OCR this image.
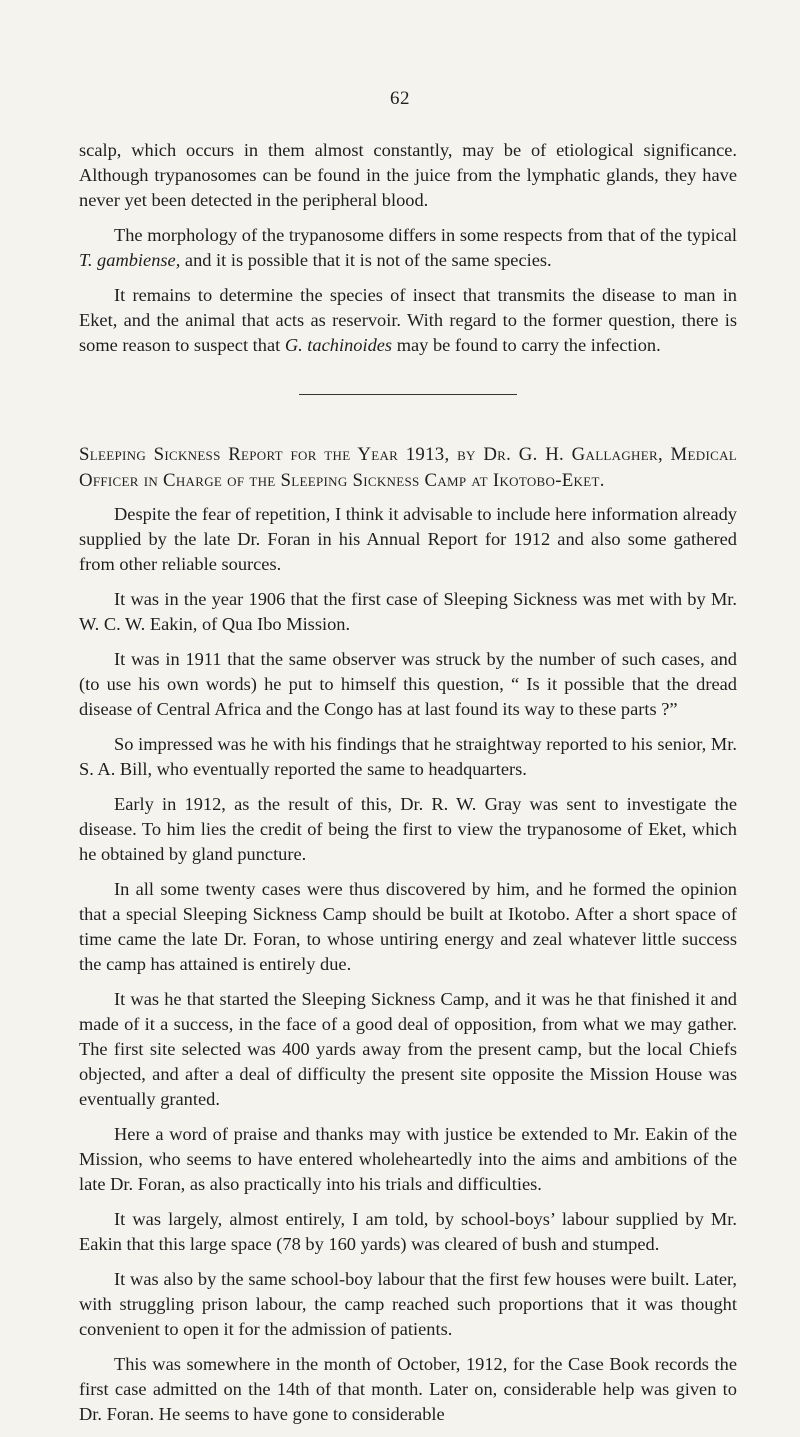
62

scalp, which occurs in them almost constantly, may be of etiological significance. Although trypanosomes can be found in the juice from the lymphatic glands, they have never yet been detected in the peripheral blood.

The morphology of the trypanosome differs in some respects from that of the typical T. gambiense, and it is possible that it is not of the same species.

It remains to determine the species of insect that transmits the disease to man in Eket, and the animal that acts as reservoir. With regard to the former question, there is some reason to suspect that G. tachinoides may be found to carry the infection.

Sleeping Sickness Report for the Year 1913, by Dr. G. H. Gallagher, Medical Officer in Charge of the Sleeping Sickness Camp at Ikotobo-Eket.

Despite the fear of repetition, I think it advisable to include here information already supplied by the late Dr. Foran in his Annual Report for 1912 and also some gathered from other reliable sources.

It was in the year 1906 that the first case of Sleeping Sickness was met with by Mr. W. C. W. Eakin, of Qua Ibo Mission.

It was in 1911 that the same observer was struck by the number of such cases, and (to use his own words) he put to himself this question, “ Is it possible that the dread disease of Central Africa and the Congo has at last found its way to these parts ?”

So impressed was he with his findings that he straightway reported to his senior, Mr. S. A. Bill, who eventually reported the same to headquarters.

Early in 1912, as the result of this, Dr. R. W. Gray was sent to investigate the disease. To him lies the credit of being the first to view the trypanosome of Eket, which he obtained by gland puncture.

In all some twenty cases were thus discovered by him, and he formed the opinion that a special Sleeping Sickness Camp should be built at Ikotobo. After a short space of time came the late Dr. Foran, to whose untiring energy and zeal whatever little success the camp has attained is entirely due.

It was he that started the Sleeping Sickness Camp, and it was he that finished it and made of it a success, in the face of a good deal of opposition, from what we may gather. The first site selected was 400 yards away from the present camp, but the local Chiefs objected, and after a deal of difficulty the present site opposite the Mission House was eventually granted.

Here a word of praise and thanks may with justice be extended to Mr. Eakin of the Mission, who seems to have entered wholeheartedly into the aims and ambitions of the late Dr. Foran, as also practically into his trials and difficulties.

It was largely, almost entirely, I am told, by school-boys’ labour supplied by Mr. Eakin that this large space (78 by 160 yards) was cleared of bush and stumped.

It was also by the same school-boy labour that the first few houses were built. Later, with struggling prison labour, the camp reached such proportions that it was thought convenient to open it for the admission of patients.

This was somewhere in the month of October, 1912, for the Case Book records the first case admitted on the 14th of that month. Later on, considerable help was given to Dr. Foran. He seems to have gone to considerable
